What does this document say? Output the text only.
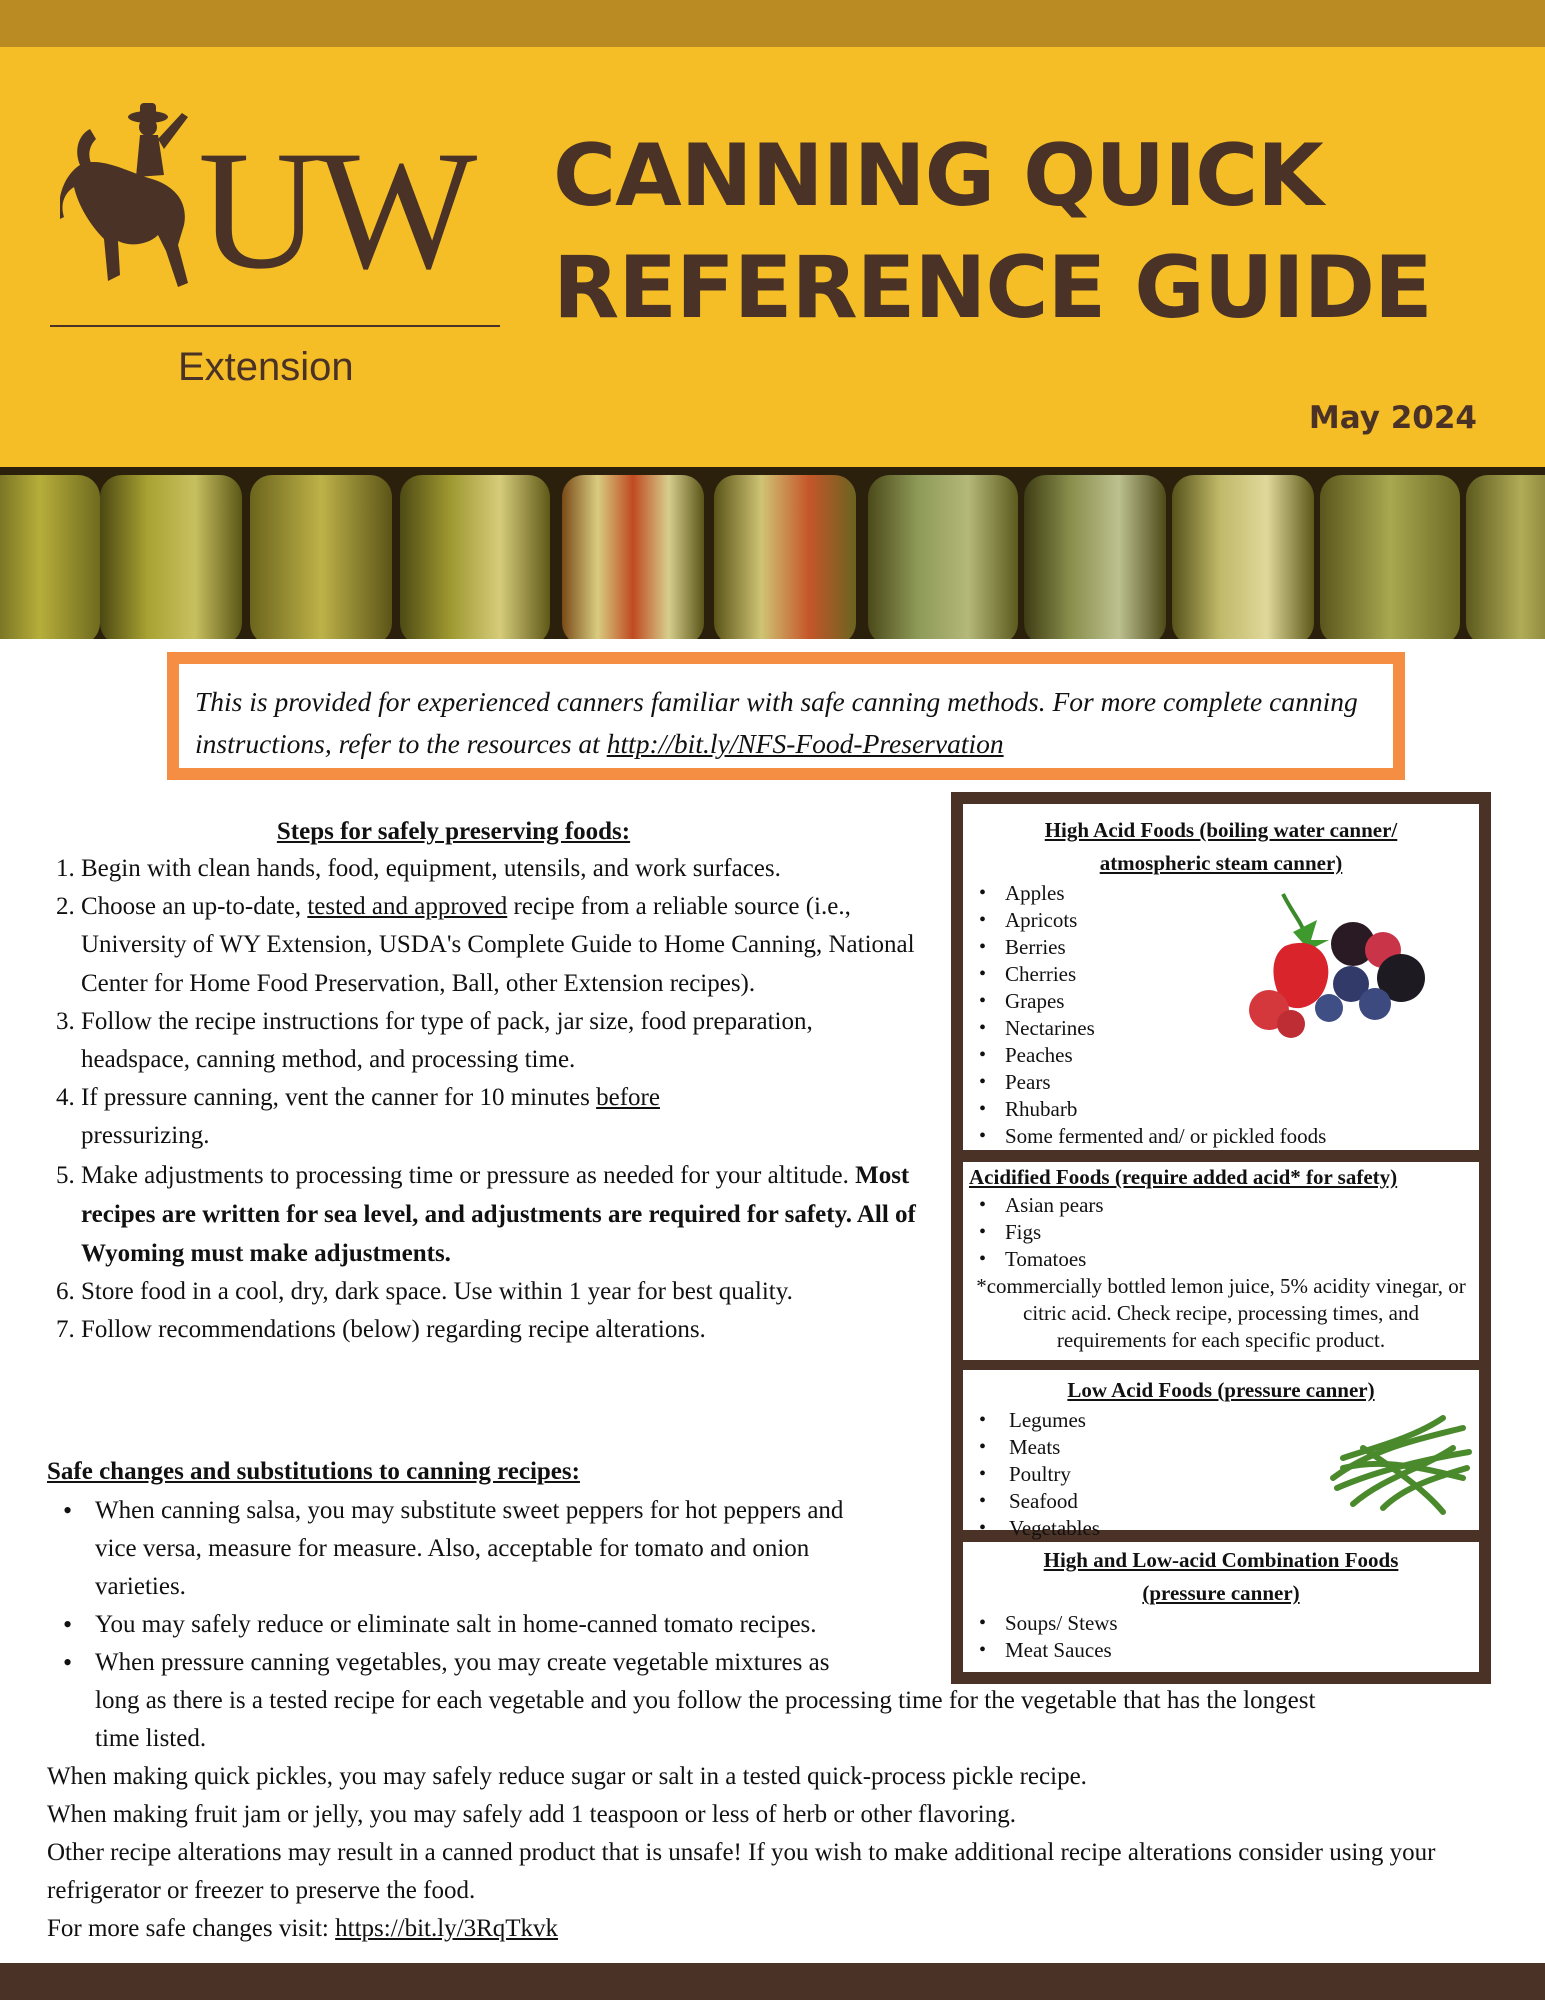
UW
Extension
CANNING QUICK
REFERENCE GUIDE
May 2024
This is provided for experienced canners familiar with safe canning methods. For more complete canning instructions, refer to the resources at http://bit.ly/NFS-Food-Preservation
Steps for safely preserving foods:
1. Begin with clean hands, food, equipment, utensils, and work surfaces.
2. Choose an up-to-date, tested and approved recipe from a reliable source (i.e., University of WY Extension, USDA's Complete Guide to Home Canning, National Center for Home Food Preservation, Ball, other Extension recipes).
3. Follow the recipe instructions for type of pack, jar size, food preparation, headspace, canning method, and processing time.
4. If pressure canning, vent the canner for 10 minutes before
pressurizing.
5. Make adjustments to processing time or pressure as needed for your altitude. Most recipes are written for sea level, and adjustments are required for safety. All of Wyoming must make adjustments.
6. Store food in a cool, dry, dark space. Use within 1 year for best quality.
7. Follow recommendations (below) regarding recipe alterations.
Safe changes and substitutions to canning recipes:
• When canning salsa, you may substitute sweet peppers for hot peppers and
vice versa, measure for measure. Also, acceptable for tomato and onion
varieties.
• You may safely reduce or eliminate salt in home-canned tomato recipes.
• When pressure canning vegetables, you may create vegetable mixtures as
long as there is a tested recipe for each vegetable and you follow the processing time for the vegetable that has the longest
time listed.
When making quick pickles, you may safely reduce sugar or salt in a tested quick-process pickle recipe.
When making fruit jam or jelly, you may safely add 1 teaspoon or less of herb or other flavoring.
Other recipe alterations may result in a canned product that is unsafe! If you wish to make additional recipe alterations consider using your refrigerator or freezer to preserve the food.
For more safe changes visit: https://bit.ly/3RqTkvk
High Acid Foods (boiling water canner/
atmospheric steam canner)
• Apples
• Apricots
• Berries
• Cherries
• Grapes
• Nectarines
• Peaches
• Pears
• Rhubarb
• Some fermented and/ or pickled foods
Acidified Foods (require added acid* for safety)
• Asian pears
• Figs
• Tomatoes
*commercially bottled lemon juice, 5% acidity vinegar, or citric acid. Check recipe, processing times, and requirements for each specific product.
Low Acid Foods (pressure canner)
• Legumes
• Meats
• Poultry
• Seafood
• Vegetables
High and Low-acid Combination Foods
(pressure canner)
• Soups/ Stews
• Meat Sauces
